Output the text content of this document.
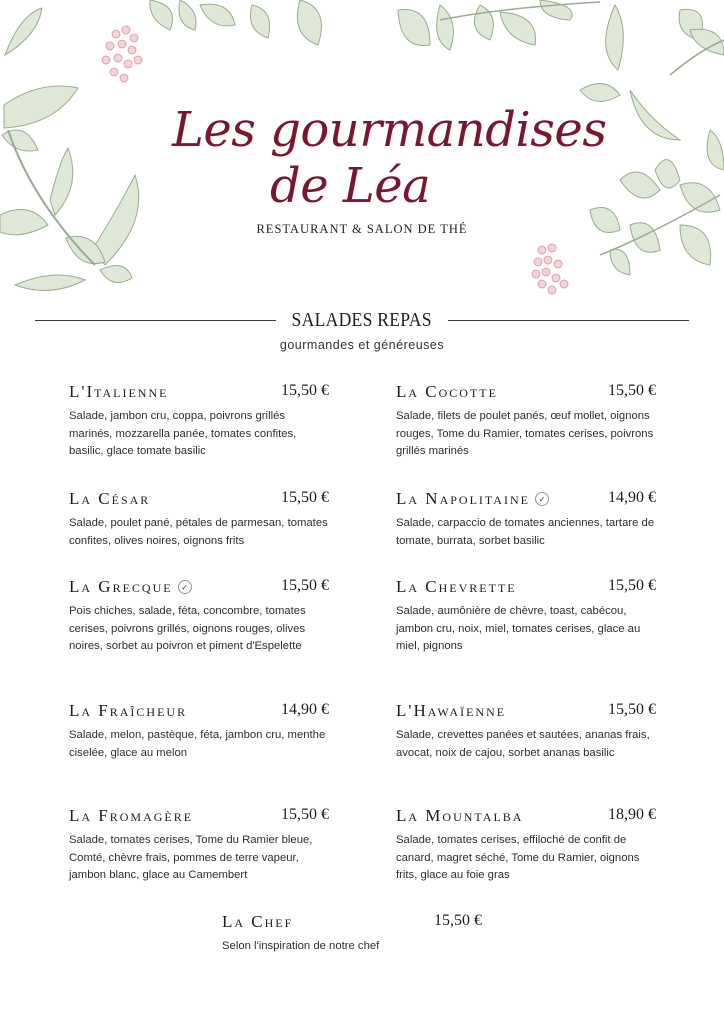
Les gourmandises
de Léa
RESTAURANT & SALON DE THÉ
SALADES REPAS
gourmandes et généreuses
L'Italienne	15,50 €
Salade, jambon cru, coppa, poivrons grillés marinés, mozzarella panée, tomates confites, basilic, glace tomate basilic
La Cocotte	15,50 €
Salade, filets de poulet panés, œuf mollet, oignons rouges, Tome du Ramier, tomates cerises, poivrons grillés marinés
La César	15,50 €
Salade, poulet pané, pétales de parmesan, tomates confites, olives noires, oignons frits
La Napolitaine	✓	14,90 €
Salade, carpaccio de tomates anciennes, tartare de tomate, burrata, sorbet basilic
La Grecque	✓	15,50 €
Pois chiches, salade, féta, concombre, tomates cerises, poivrons grillés, oignons rouges, olives noires, sorbet au poivron et piment d'Espelette
La Chevrette	15,50 €
Salade, aumônière de chèvre, toast, cabécou, jambon cru, noix, miel, tomates cerises, glace au miel, pignons
La Fraîcheur	14,90 €
Salade, melon, pastèque, féta, jambon cru, menthe ciselée, glace au melon
L'Hawaïenne	15,50 €
Salade, crevettes panées et sautées, ananas frais, avocat, noix de cajou, sorbet ananas basilic
La Fromagère	15,50 €
Salade, tomates cerises, Tome du Ramier bleue, Comté, chèvre frais, pommes de terre vapeur, jambon blanc, glace au Camembert
La Mountalba	18,90 €
Salade, tomates cerises, effiloché de confit de canard, magret séché, Tome du Ramier, oignons frits, glace au foie gras
La Chef	15,50 €
Selon l'inspiration de notre chef
